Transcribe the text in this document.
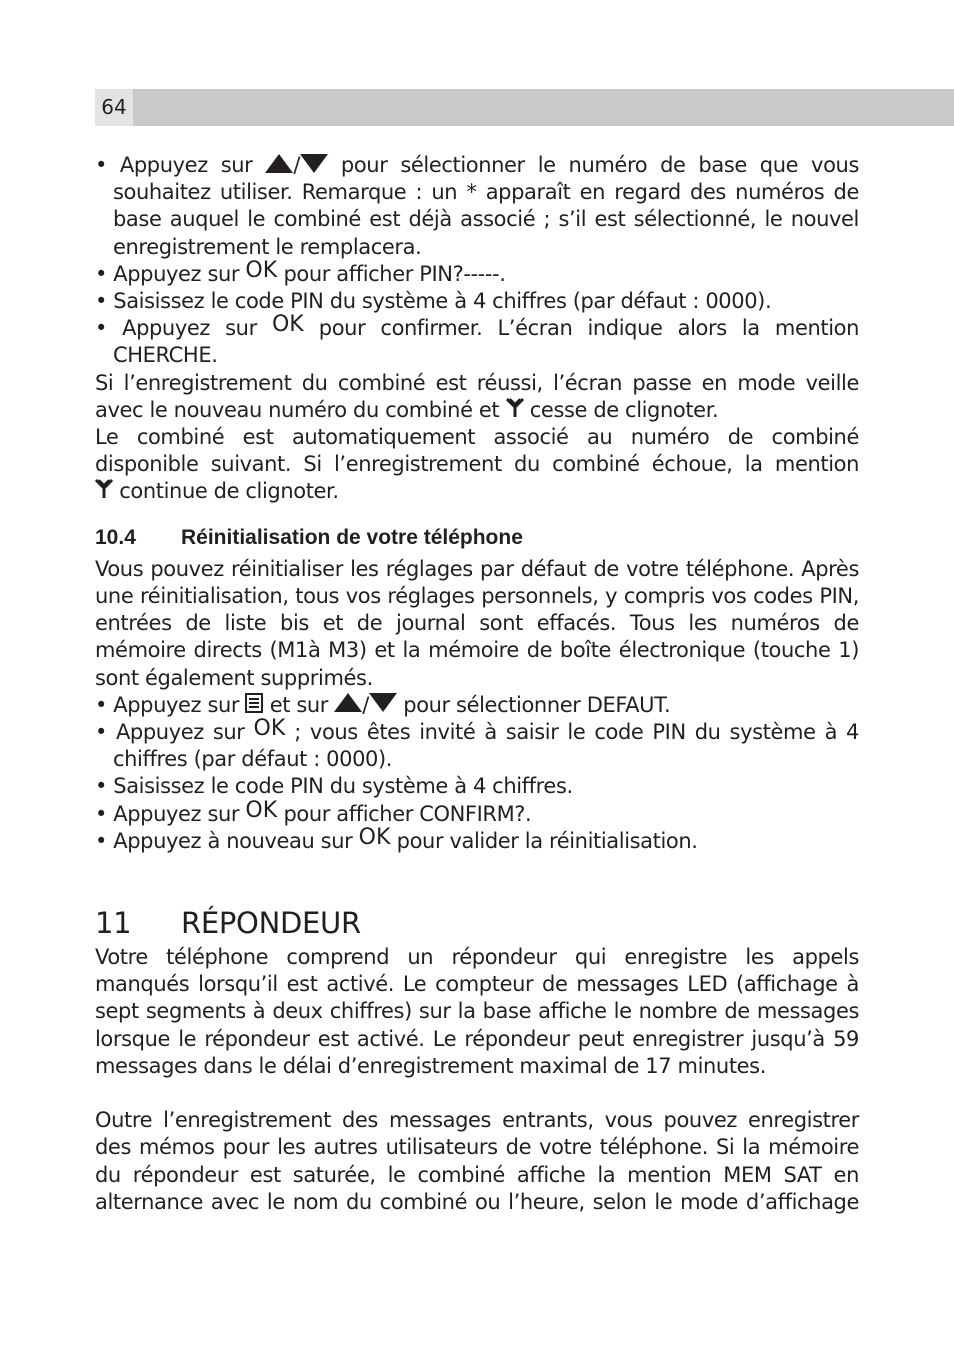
64
• Appuyez sur / pour sélectionner le numéro de base que vous souhaitez utiliser. Remarque : un * apparaît en regard des numéros de base auquel le combiné est déjà associé ; s’il est sélectionné, le nouvel enregistrement le remplacera.
• Appuyez sur OK pour afficher PIN?-----.
• Saisissez le code PIN du système à 4 chiffres (par défaut : 0000).
• Appuyez sur OK pour confirmer. L’écran indique alors la mention CHERCHE.
Si l’enregistrement du combiné est réussi, l’écran passe en mode veille avec le nouveau numéro du combiné et  cesse de clignoter.
Le combiné est automatiquement associé au numéro de combiné
disponible suivant. Si l’enregistrement du combiné échoue, la mention
continue de clignoter.
10.4 Réinitialisation de votre téléphone
Vous pouvez réinitialiser les réglages par défaut de votre téléphone. Après une réinitialisation, tous vos réglages personnels, y compris vos codes PIN, entrées de liste bis et de journal sont effacés. Tous les numéros de mémoire directs (M1à M3) et la mémoire de boîte électronique (touche 1) sont également supprimés.
• Appuyez sur  et sur / pour sélectionner DEFAUT.
• Appuyez sur OK ; vous êtes invité à saisir le code PIN du système à 4 chiffres (par défaut : 0000).
• Saisissez le code PIN du système à 4 chiffres.
• Appuyez sur OK pour afficher CONFIRM?.
• Appuyez à nouveau sur OK pour valider la réinitialisation.
11 RÉPONDEUR
Votre téléphone comprend un répondeur qui enregistre les appels manqués lorsqu’il est activé. Le compteur de messages LED (affichage à sept segments à deux chiffres) sur la base affiche le nombre de messages lorsque le répondeur est activé. Le répondeur peut enregistrer jusqu’à 59 messages dans le délai d’enregistrement maximal de 17 minutes.
Outre l’enregistrement des messages entrants, vous pouvez enregistrer des mémos pour les autres utilisateurs de votre téléphone. Si la mémoire du répondeur est saturée, le combiné affiche la mention MEM SAT en alternance avec le nom du combiné ou l’heure, selon le mode d’affichage
